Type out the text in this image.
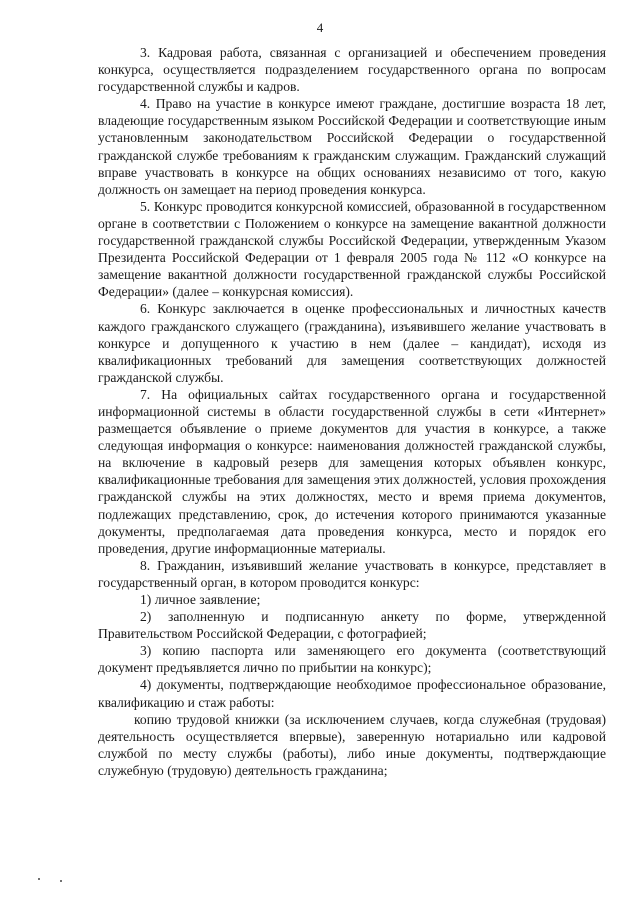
4

3. Кадровая работа, связанная с организацией и обеспечением проведения конкурса, осуществляется подразделением государственного органа по вопросам государственной службы и кадров.

4. Право на участие в конкурсе имеют граждане, достигшие возраста 18 лет, владеющие государственным языком Российской Федерации и соответствующие иным установленным законодательством Российской Федерации о государственной гражданской службе требованиям к гражданским служащим. Гражданский служащий вправе участвовать в конкурсе на общих основаниях независимо от того, какую должность он замещает на период проведения конкурса.

5. Конкурс проводится конкурсной комиссией, образованной в государственном органе в соответствии с Положением о конкурсе на замещение вакантной должности государственной гражданской службы Российской Федерации, утвержденным Указом Президента Российской Федерации от 1 февраля 2005 года № 112 «О конкурсе на замещение вакантной должности государственной гражданской службы Российской Федерации» (далее – конкурсная комиссия).

6. Конкурс заключается в оценке профессиональных и личностных качеств каждого гражданского служащего (гражданина), изъявившего желание участвовать в конкурсе и допущенного к участию в нем (далее – кандидат), исходя из квалификационных требований для замещения соответствующих должностей гражданской службы.

7. На официальных сайтах государственного органа и государственной информационной системы в области государственной службы в сети «Интернет» размещается объявление о приеме документов для участия в конкурсе, а также следующая информация о конкурсе: наименования должностей гражданской службы, на включение в кадровый резерв для замещения которых объявлен конкурс, квалификационные требования для замещения этих должностей, условия прохождения гражданской службы на этих должностях, место и время приема документов, подлежащих представлению, срок, до истечения которого принимаются указанные документы, предполагаемая дата проведения конкурса, место и порядок его проведения, другие информационные материалы.

8. Гражданин, изъявивший желание участвовать в конкурсе, представляет в государственный орган, в котором проводится конкурс:

1) личное заявление;

2) заполненную и подписанную анкету по форме, утвержденной Правительством Российской Федерации, с фотографией;

3) копию паспорта или заменяющего его документа (соответствующий документ предъявляется лично по прибытии на конкурс);

4) документы, подтверждающие необходимое профессиональное образование, квалификацию и стаж работы:

копию трудовой книжки (за исключением случаев, когда служебная (трудовая) деятельность осуществляется впервые), заверенную нотариально или кадровой службой по месту службы (работы), либо иные документы, подтверждающие служебную (трудовую) деятельность гражданина;
